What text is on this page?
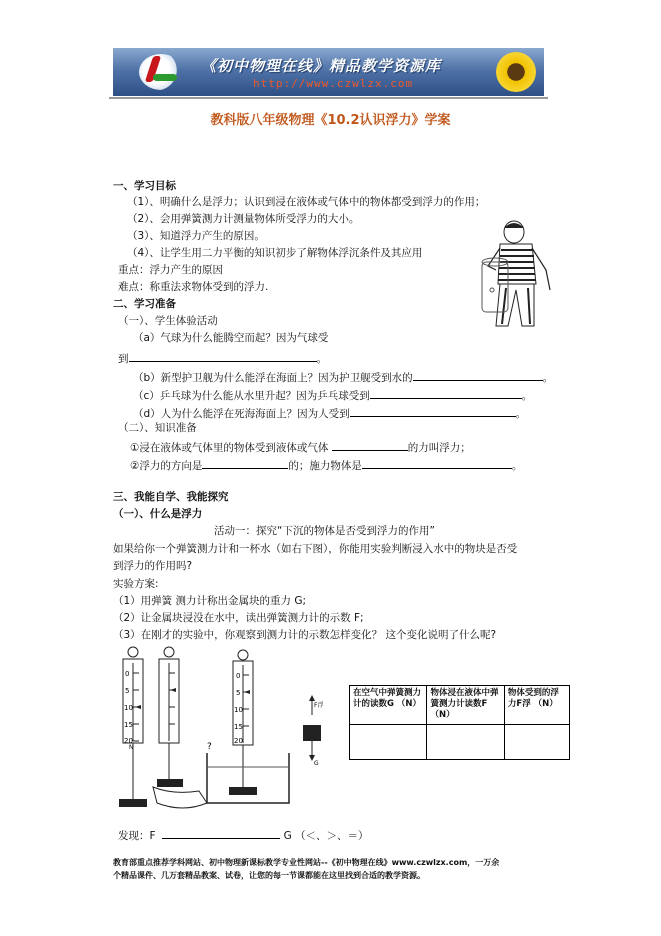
《初中物理在线》精品教学资源库
http://www.czwlzx.com
教科版八年级物理《10.2认识浮力》学案
一、学习目标
（1）、明确什么是浮力；认识到浸在液体或气体中的物体都受到浮力的作用；
（2）、会用弹簧测力计测量物体所受浮力的大小。
（3）、知道浮力产生的原因。
（4）、让学生用二力平衡的知识初步了解物体浮沉条件及其应用
重点：浮力产生的原因
难点：称重法求物体受到的浮力.
二、学习准备
（一）、学生体验活动
（a）气球为什么能腾空而起？因为气球受
到	。
（b）新型护卫舰为什么能浮在海面上？因为护卫舰受到水的	。
（c）乒乓球为什么能从水里升起？因为乒乓球受到	。
（d）人为什么能浮在死海海面上？因为人受到	。
（二）、知识准备
①浸在液体或气体里的物体受到液体或气体	的力叫浮力；
②浮力的方向是	的；施力物体是	。
三、我能自学、我能探究
（一）、什么是浮力
活动一：探究“下沉的物体是否受到浮力的作用”
如果给你一个弹簧测力计和一杯水（如右下图），你能用实验判断浸入水中的物块是否受
到浮力的作用吗?
实验方案:
（1）用弹簧 测力计称出金属块的重力 G;
（2）让金属块浸没在水中，读出弹簧测力计的示数 F;
（3）在刚才的实验中，你观察到测力计的示数怎样变化？ 这个变化说明了什么呢?
0
5
10
15
20
N
0
5
10
15
20
?
F浮
G
在空气中弹簧测力计的读数G （N）	物体浸在液体中弹簧测力计读数F（N）	物体受到的浮力F浮 （N）

发现：F	G （＜、＞、＝）
教育部重点推荐学科网站、初中物理新课标教学专业性网站--《初中物理在线》www.czwlzx.com，一万余
个精品课件、几万套精品教案、试卷，让您的每一节课都能在这里找到合适的教学资源。
